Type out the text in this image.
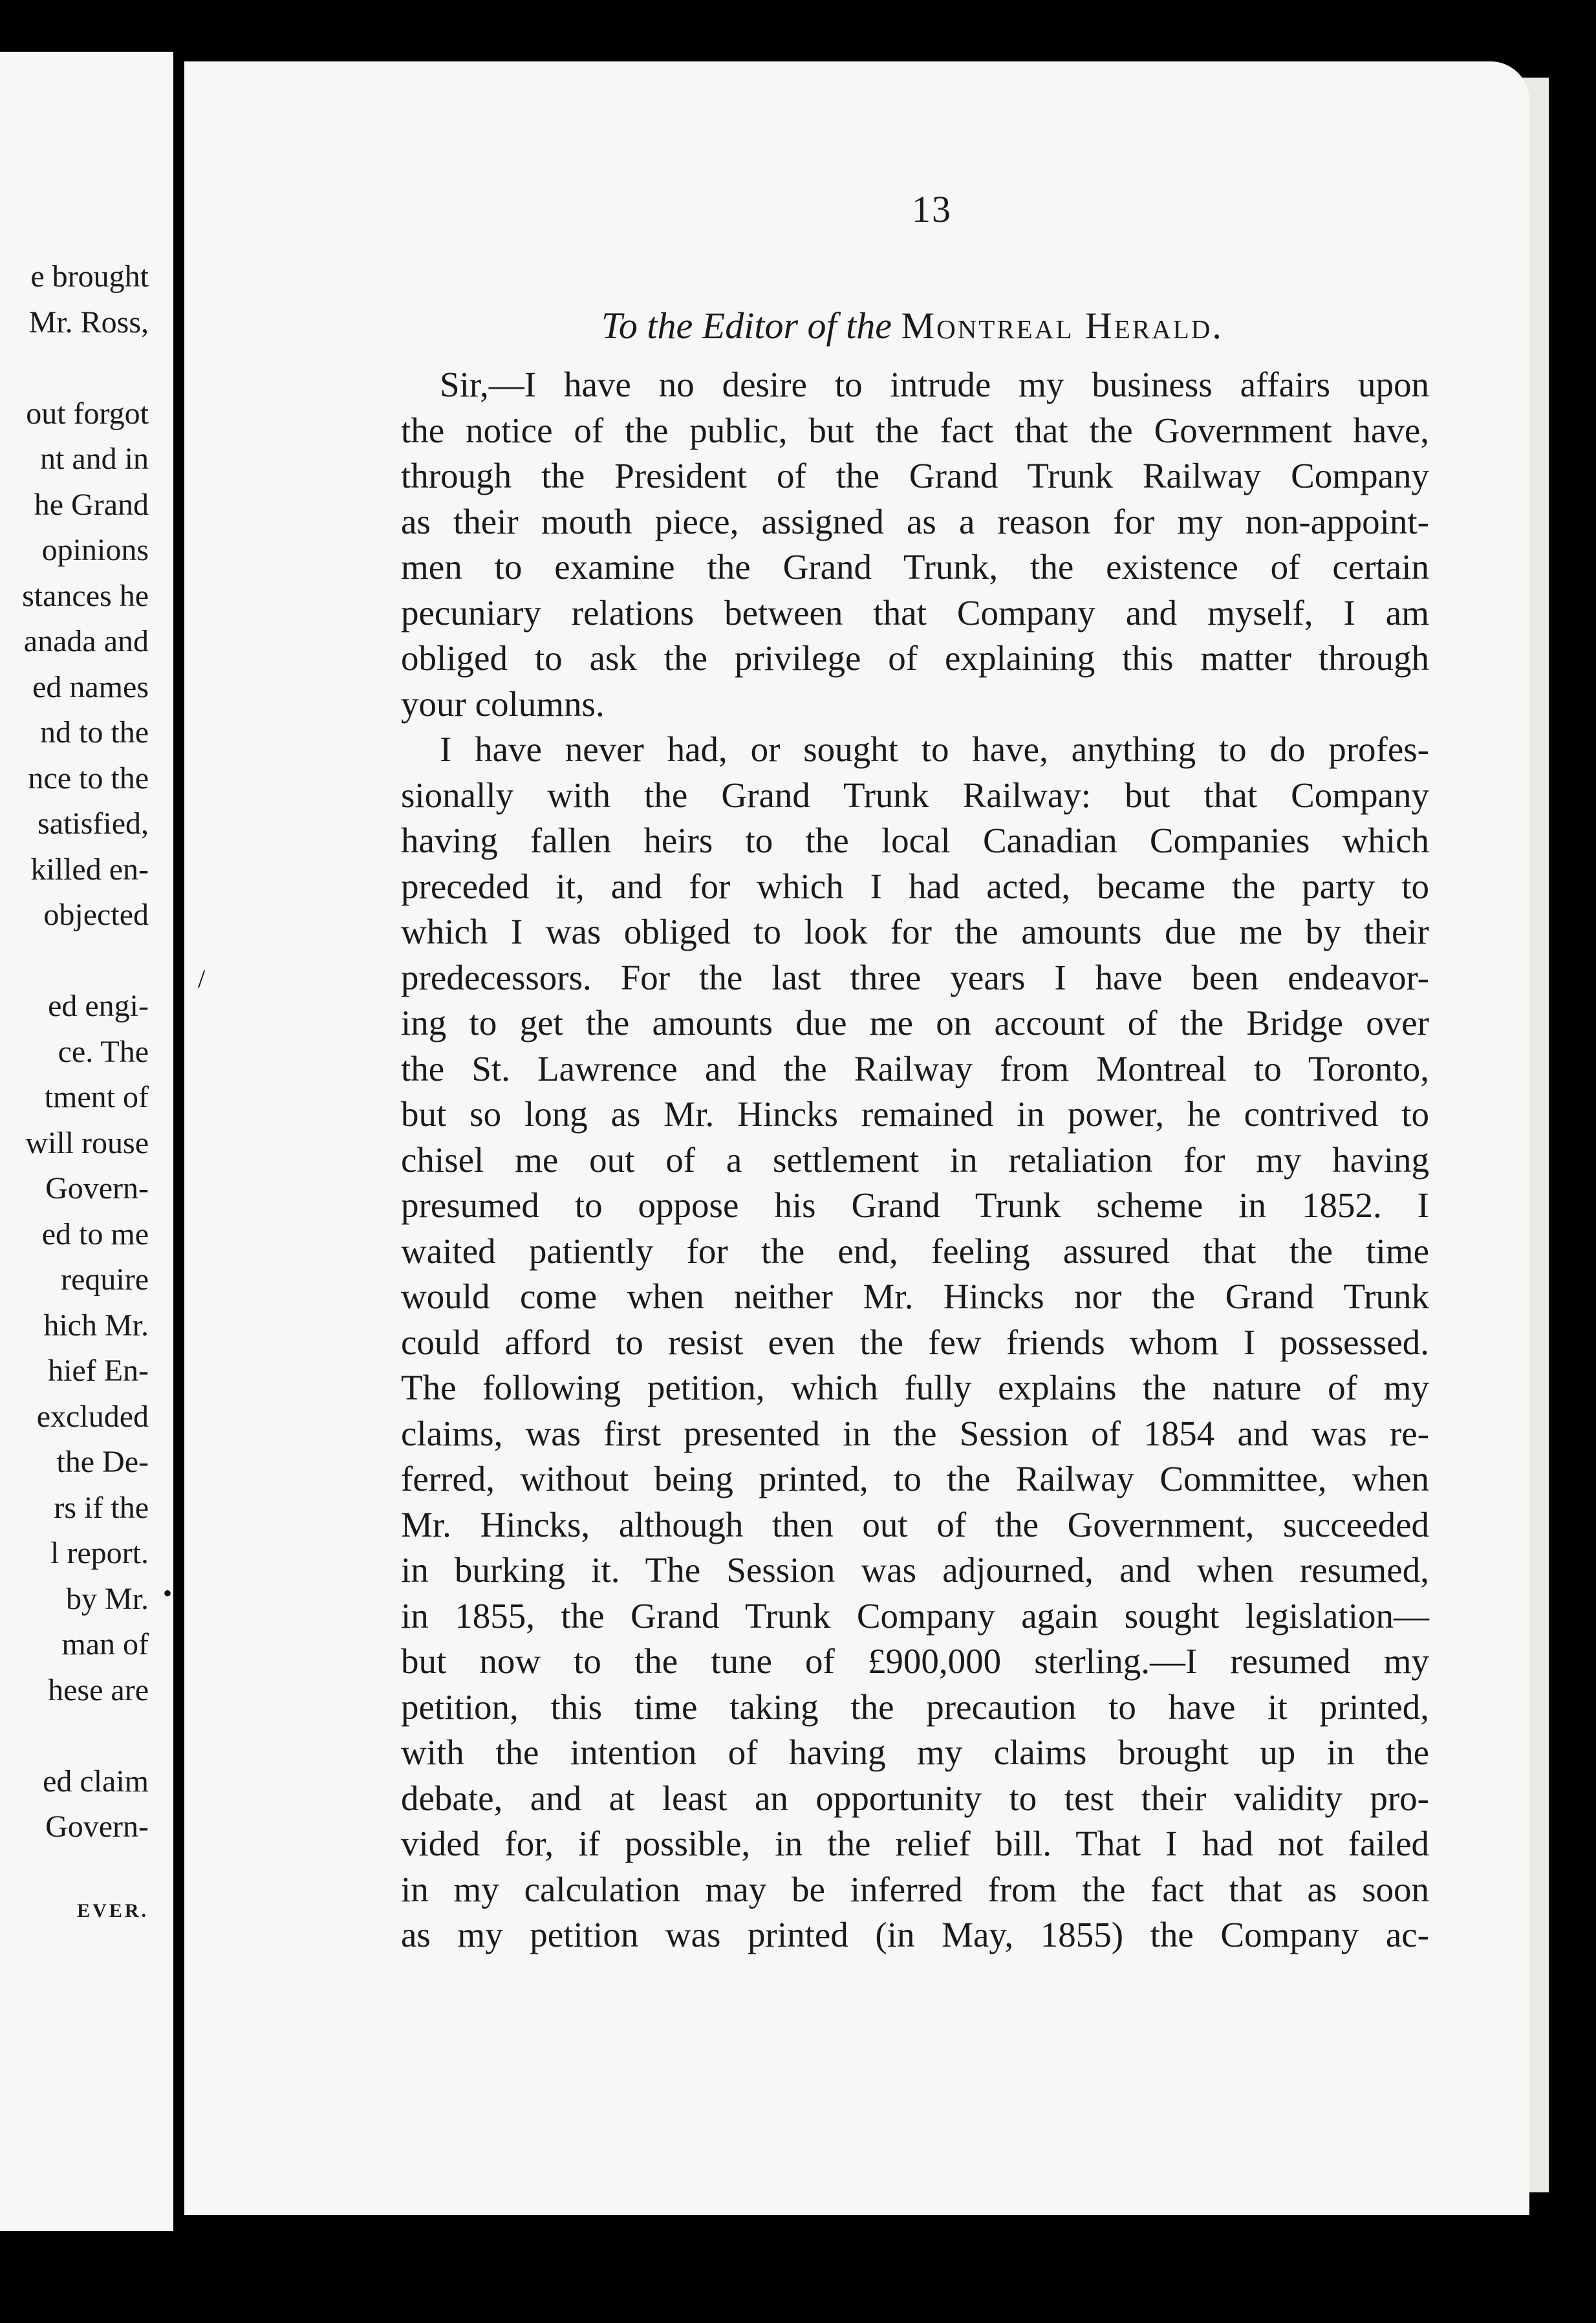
e brought
Mr. Ross,
out forgot
nt and in
he Grand
opinions
stances he
anada and
ed names
nd to the
nce to the
satisfied,
killed en-
objected
ed engi-
ce. The
tment of
will rouse
Govern-
ed to me
require
hich Mr.
hief En-
excluded
the De-
rs if the
l report.
by Mr.
man of
hese are
ed claim
Govern-
EVER.
13
To the Editor of the Montreal Herald.
Sir,—I have no desire to intrude my business affairs upon
the notice of the public, but the fact that the Government have,
through the President of the Grand Trunk Railway Company
as their mouth piece, assigned as a reason for my non-appoint-
men to examine the Grand Trunk, the existence of certain
pecuniary relations between that Company and myself, I am
obliged to ask the privilege of explaining this matter through
your columns.
I have never had, or sought to have, anything to do profes-
sionally with the Grand Trunk Railway: but that Company
having fallen heirs to the local Canadian Companies which
preceded it, and for which I had acted, became the party to
which I was obliged to look for the amounts due me by their
predecessors. For the last three years I have been endeavor-
ing to get the amounts due me on account of the Bridge over
the St. Lawrence and the Railway from Montreal to Toronto,
but so long as Mr. Hincks remained in power, he contrived to
chisel me out of a settlement in retaliation for my having
presumed to oppose his Grand Trunk scheme in 1852. I
waited patiently for the end, feeling assured that the time
would come when neither Mr. Hincks nor the Grand Trunk
could afford to resist even the few friends whom I possessed.
The following petition, which fully explains the nature of my
claims, was first presented in the Session of 1854 and was re-
ferred, without being printed, to the Railway Committee, when
Mr. Hincks, although then out of the Government, succeeded
in burking it. The Session was adjourned, and when resumed,
in 1855, the Grand Trunk Company again sought legislation—
but now to the tune of £900,000 sterling.—I resumed my
petition, this time taking the precaution to have it printed,
with the intention of having my claims brought up in the
debate, and at least an opportunity to test their validity pro-
vided for, if possible, in the relief bill. That I had not failed
in my calculation may be inferred from the fact that as soon
as my petition was printed (in May, 1855) the Company ac-
/
•
